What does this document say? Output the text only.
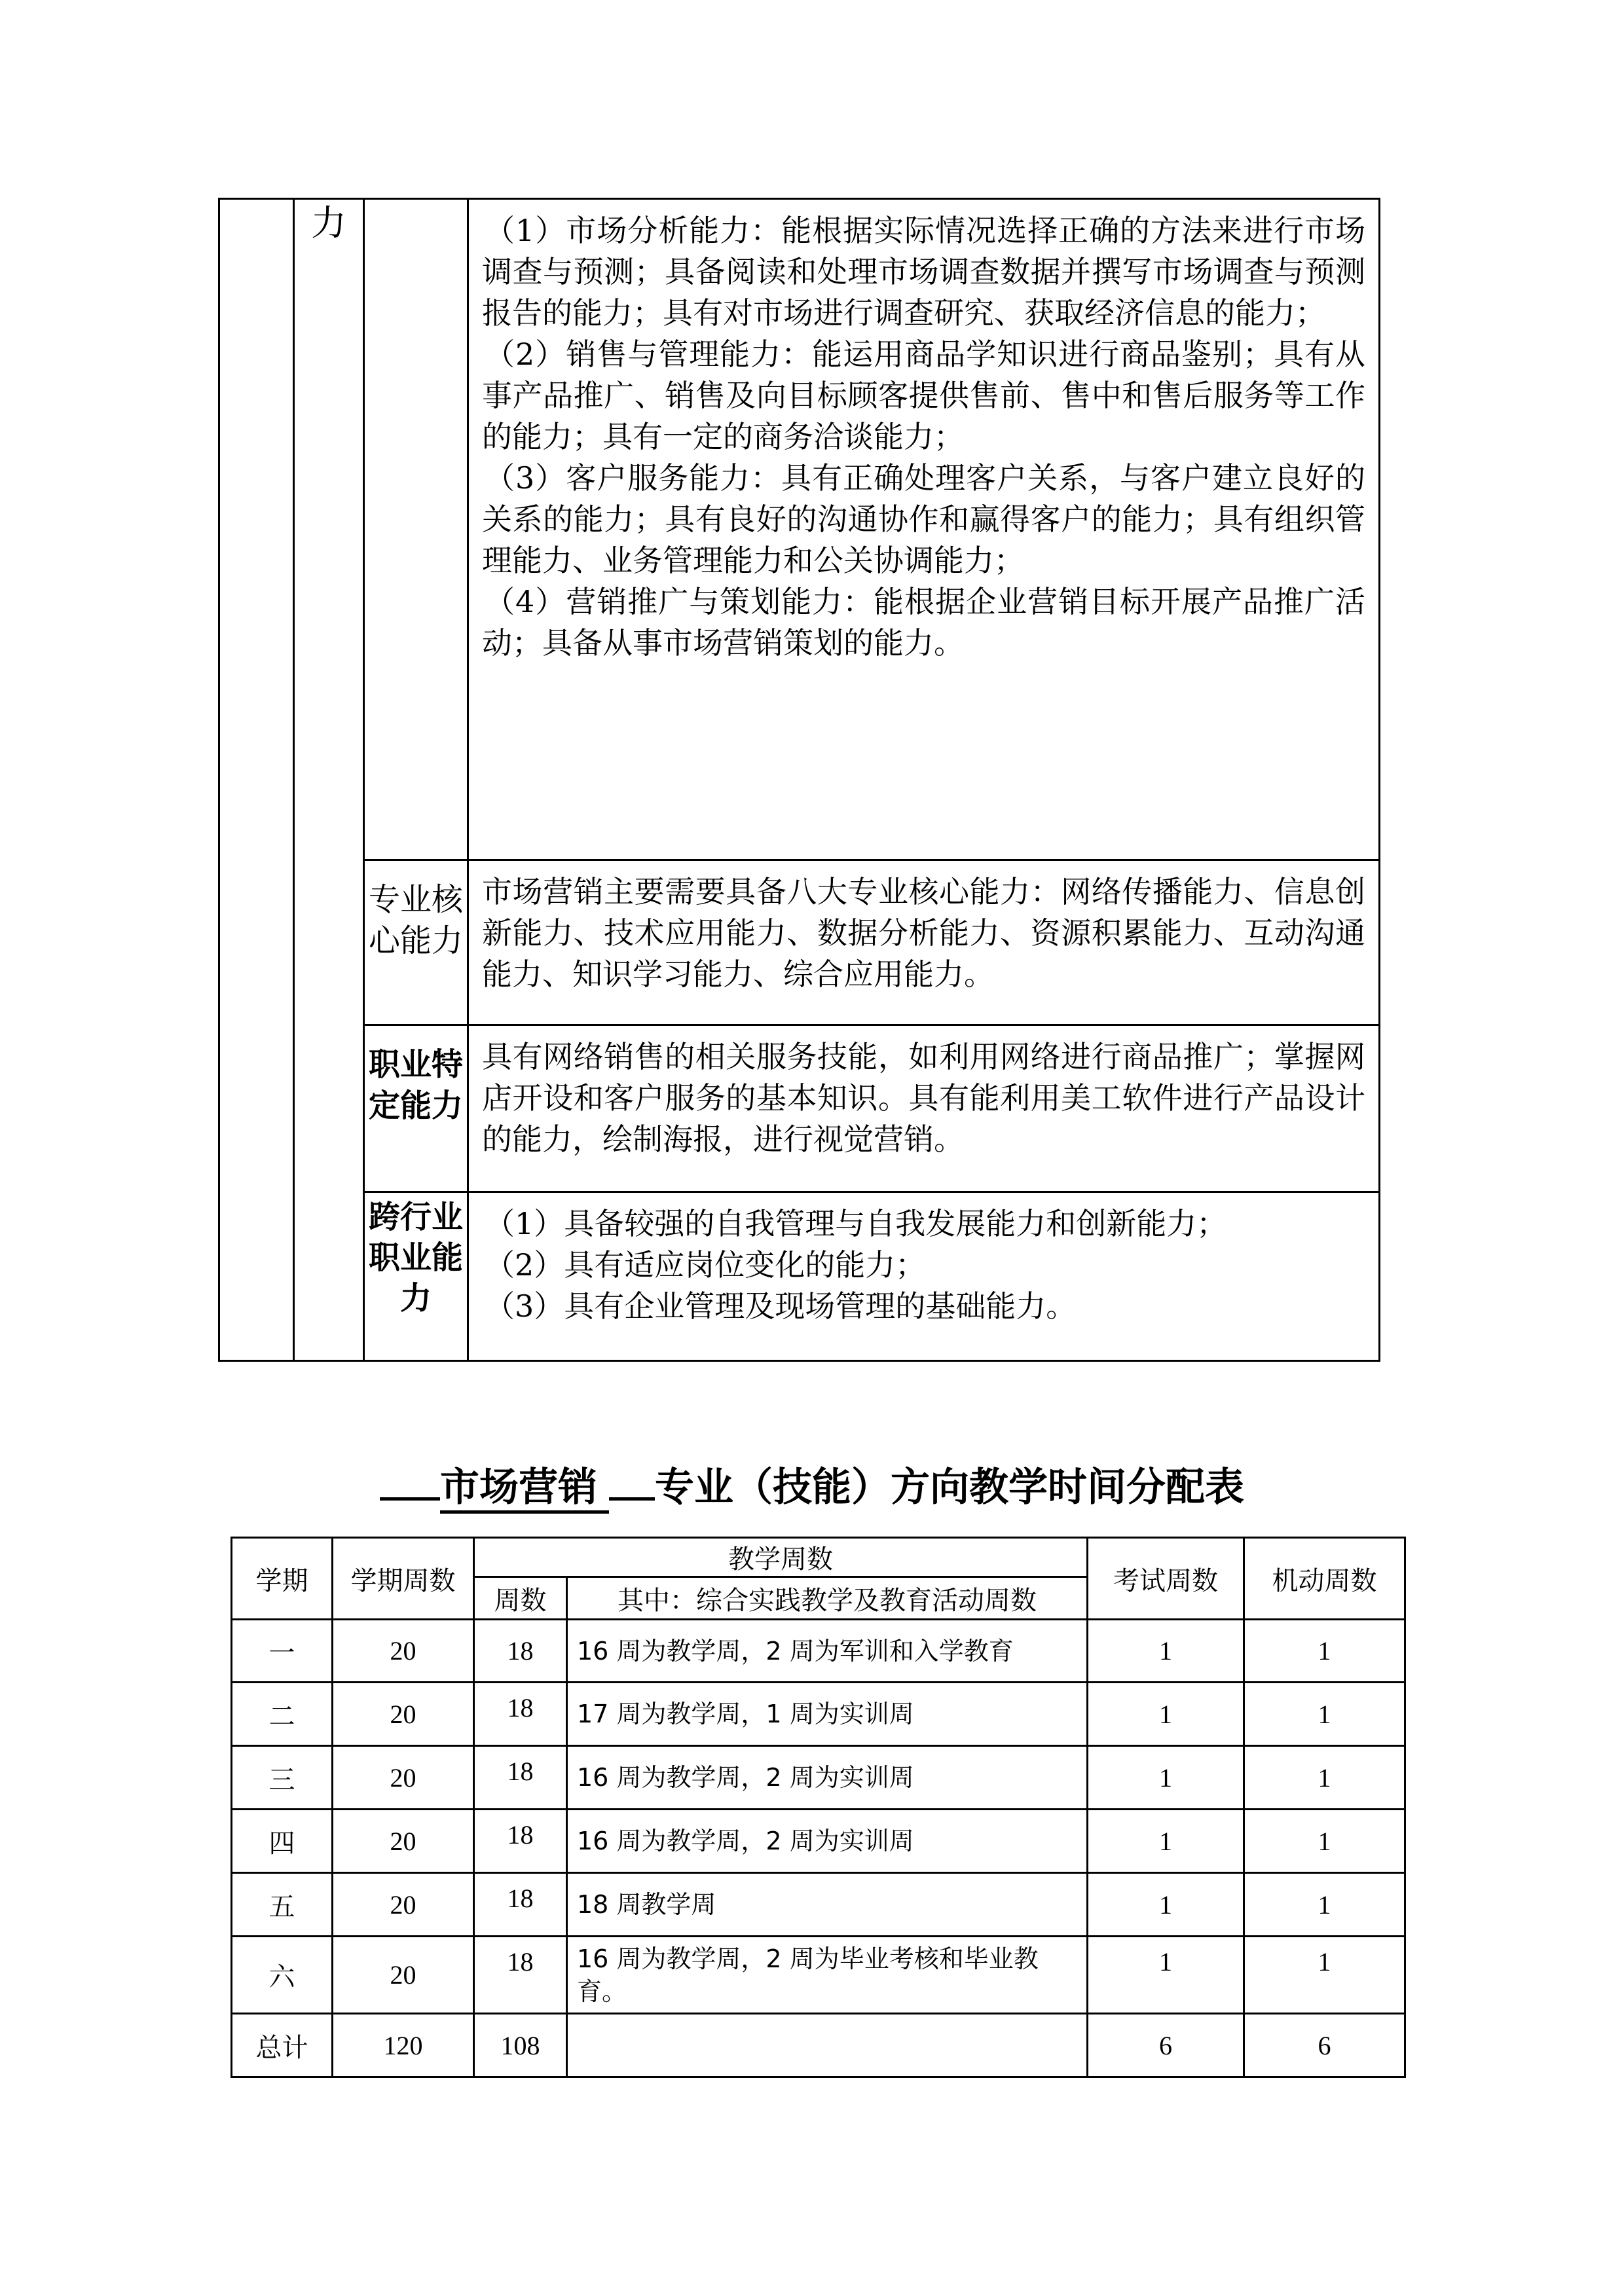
	力		（1）市场分析能力：能根据实际情况选择正确的方法来进行市场调查与预测；具备阅读和处理市场调查数据并撰写市场调查与预测报告的能力；具有对市场进行调查研究、获取经济信息的能力；

（2）销售与管理能力：能运用商品学知识进行商品鉴别；具有从事产品推广、销售及向目标顾客提供售前、售中和售后服务等工作的能力；具有一定的商务洽谈能力；

（3）客户服务能力：具有正确处理客户关系，与客户建立良好的关系的能力；具有良好的沟通协作和赢得客户的能力；具有组织管理能力、业务管理能力和公关协调能力；

（4）营销推广与策划能力：能根据企业营销目标开展产品推广活动；具备从事市场营销策划的能力。

		专业核心能力	市场营销主要需要具备八大专业核心能力：网络传播能力、信息创新能力、技术应用能力、数据分析能力、资源积累能力、互动沟通能力、知识学习能力、综合应用能力。

		职业特定能力	具有网络销售的相关服务技能，如利用网络进行商品推广；掌握网店开设和客户服务的基本知识。具有能利用美工软件进行产品设计的能力，绘制海报，进行视觉营销。

		跨行业职业能力	（1）具备较强的自我管理与自我发展能力和创新能力；

（2）具有适应岗位变化的能力；

（3）具有企业管理及现场管理的基础能力。

市场营销 专业（技能）方向教学时间分配表
学期	学期周数	教学周数		考试周数	机动周数
		周数	其中：综合实践教学及教育活动周数		
一	20	18	16 周为教学周，2 周为军训和入学教育	1	1
二	20	18	17 周为教学周，1 周为实训周	1	1
三	20	18	16 周为教学周，2 周为实训周	1	1
四	20	18	16 周为教学周，2 周为实训周	1	1
五	20	18	18 周教学周	1	1
六	20	18	16 周为教学周，2 周为毕业考核和毕业教育。	1	1
总计	120	108		6	6
